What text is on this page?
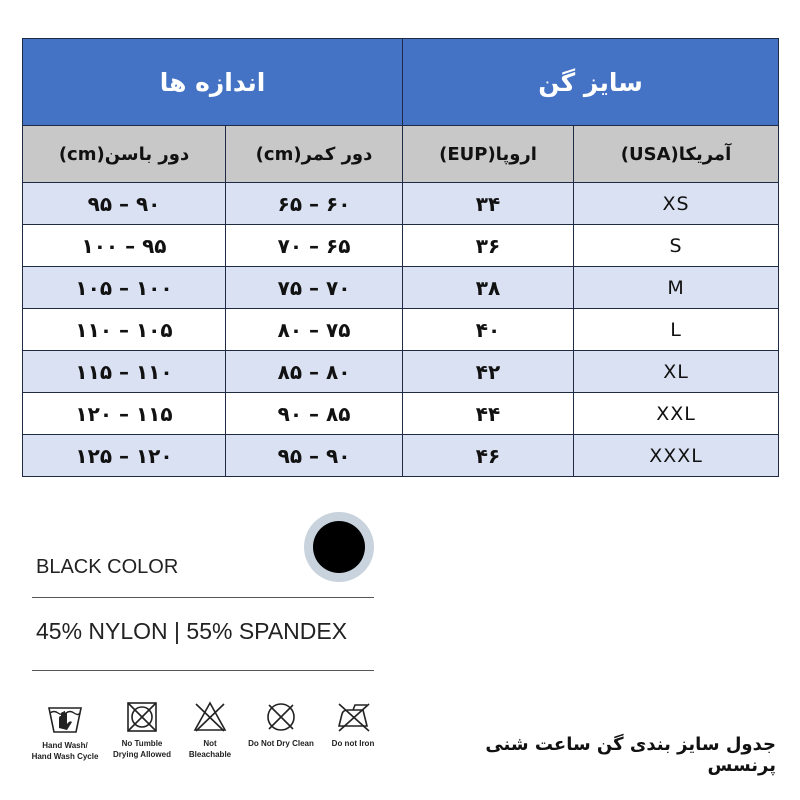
سایز گن		اندازه ها	
آمریکا(USA)	اروپا(EUP)	دور کمر(cm)	دور باسن(cm)
XS	۳۴	۶۰ – ۶۵	۹۰ – ۹۵
S	۳۶	۶۵ – ۷۰	۹۵ – ۱۰۰
M	۳۸	۷۰ – ۷۵	۱۰۰ – ۱۰۵
L	۴۰	۷۵ – ۸۰	۱۰۵ – ۱۱۰
XL	۴۲	۸۰ – ۸۵	۱۱۰ – ۱۱۵
XXL	۴۴	۸۵ – ۹۰	۱۱۵ – ۱۲۰
XXXL	۴۶	۹۰ – ۹۵	۱۲۰ – ۱۲۵
BLACK COLOR
45% NYLON | 55% SPANDEX
Hand Wash/
Hand Wash Cycle
No Tumble
Drying Allowed
Not
Bleachable
Do Not Dry Clean	Do not Iron	جدول سایز بندی گن ساعت شنی پرنسس
